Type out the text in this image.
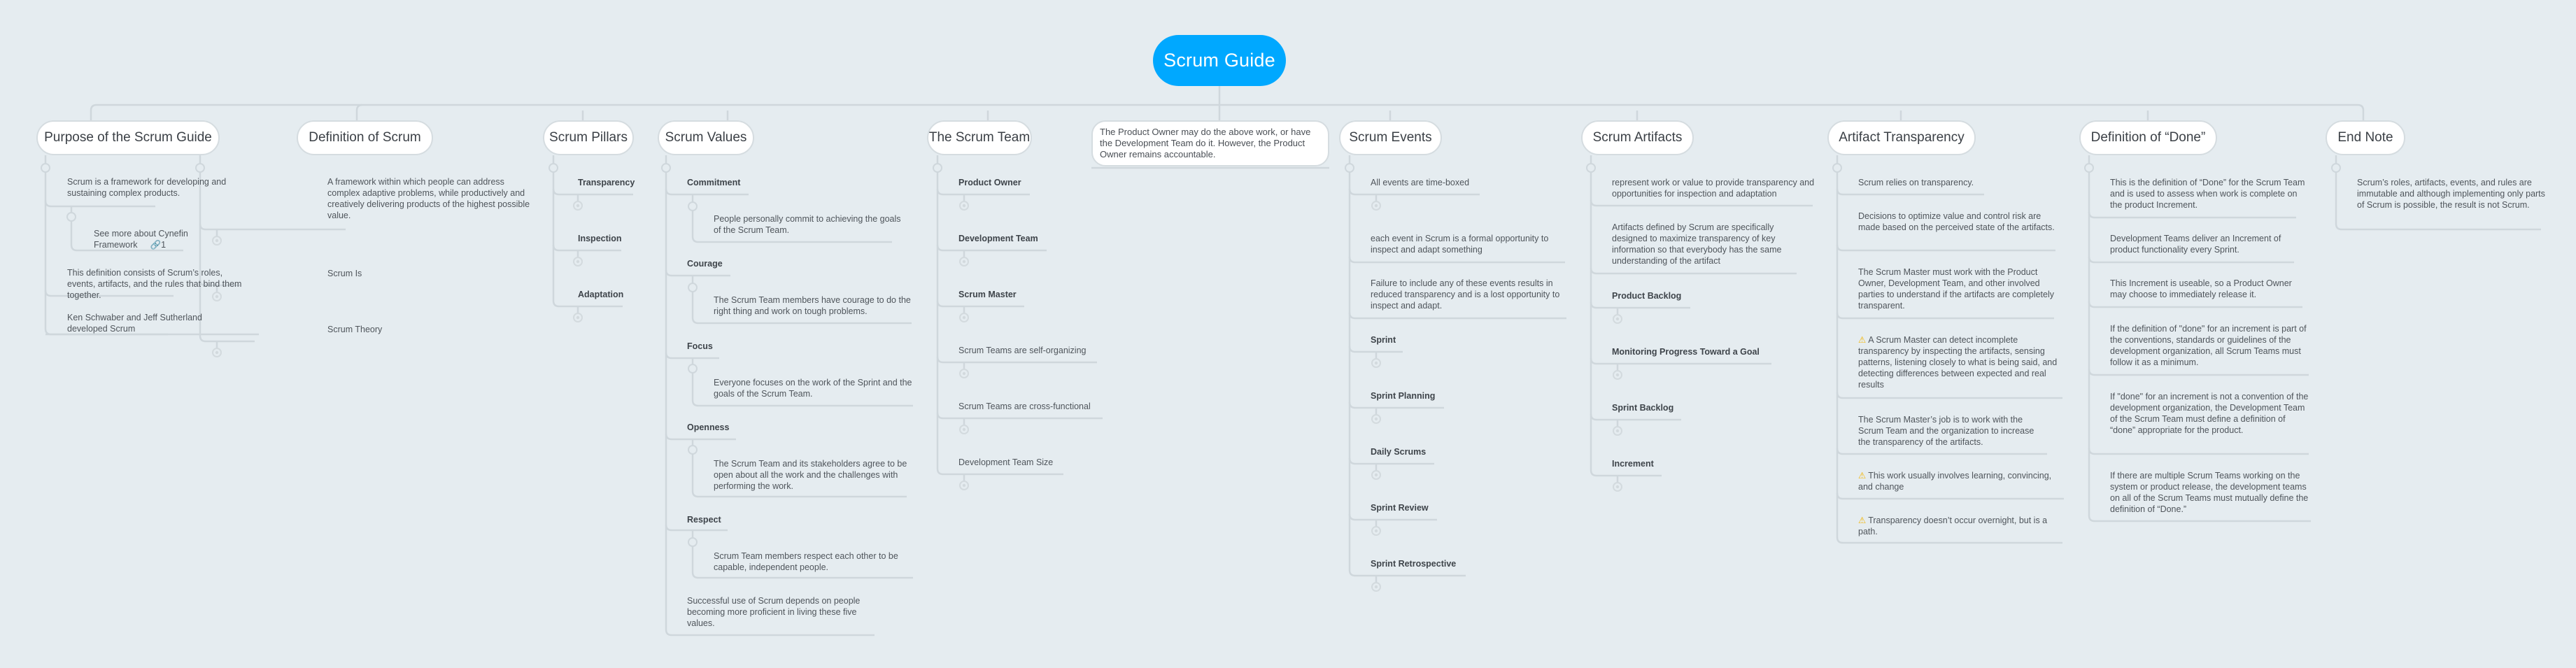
Scrum Guide
Purpose of the Scrum Guide	Definition of Scrum	Scrum Pillars	Scrum Values	The Scrum Team	The Product Owner may do the above work, or have the Development Team do it. However, the Product Owner remains accountable.
Scrum Events	Scrum Artifacts	Artifact Transparency	Definition of “Done”	End Note
Scrum is a framework for developing and sustaining complex products.
See more about Cynefin Framework 🔗1
This definition consists of Scrum’s roles, events, artifacts, and the rules that bind them together.
Ken Schwaber and Jeff Sutherland developed Scrum
A framework within which people can address complex adaptive problems, while productively and creatively delivering products of the highest possible value.
Scrum Is
Scrum Theory
Transparency
Inspection
Adaptation
Commitment
People personally commit to achieving the goals of the Scrum Team.
Courage
The Scrum Team members have courage to do the right thing and work on tough problems.
Focus
Everyone focuses on the work of the Sprint and the goals of the Scrum Team.
Openness
The Scrum Team and its stakeholders agree to be open about all the work and the challenges with performing the work.
Respect
Scrum Team members respect each other to be capable, independent people.
Successful use of Scrum depends on people becoming more proficient in living these five values.
Product Owner
Development Team
Scrum Master
Scrum Teams are self-organizing
Scrum Teams are cross-functional
Development Team Size
All events are time-boxed
each event in Scrum is a formal opportunity to inspect and adapt something
Failure to include any of these events results in reduced transparency and is a lost opportunity to inspect and adapt.
Sprint
Sprint Planning
Daily Scrums
Sprint Review
Sprint Retrospective
represent work or value to provide transparency and opportunities for inspection and adaptation
Artifacts defined by Scrum are specifically designed to maximize transparency of key information so that everybody has the same understanding of the artifact
Product Backlog
Monitoring Progress Toward a Goal
Sprint Backlog
Increment
Scrum relies on transparency.
Decisions to optimize value and control risk are made based on the perceived state of the artifacts.
The Scrum Master must work with the Product Owner, Development Team, and other involved parties to understand if the artifacts are completely transparent.
⚠ A Scrum Master can detect incomplete transparency by inspecting the artifacts, sensing patterns, listening closely to what is being said, and detecting differences between expected and real results
The Scrum Master’s job is to work with the Scrum Team and the organization to increase the transparency of the artifacts.
⚠ This work usually involves learning, convincing, and change
⚠ Transparency doesn’t occur overnight, but is a path.
This is the definition of “Done” for the Scrum Team and is used to assess when work is complete on the product Increment.
Development Teams deliver an Increment of product functionality every Sprint.
This Increment is useable, so a Product Owner may choose to immediately release it.
If the definition of "done" for an increment is part of the conventions, standards or guidelines of the development organization, all Scrum Teams must follow it as a minimum.
If "done" for an increment is not a convention of the development organization, the Development Team of the Scrum Team must define a definition of “done” appropriate for the product.
If there are multiple Scrum Teams working on the system or product release, the development teams on all of the Scrum Teams must mutually define the definition of “Done.”
Scrum’s roles, artifacts, events, and rules are immutable and although implementing only parts of Scrum is possible, the result is not Scrum.
